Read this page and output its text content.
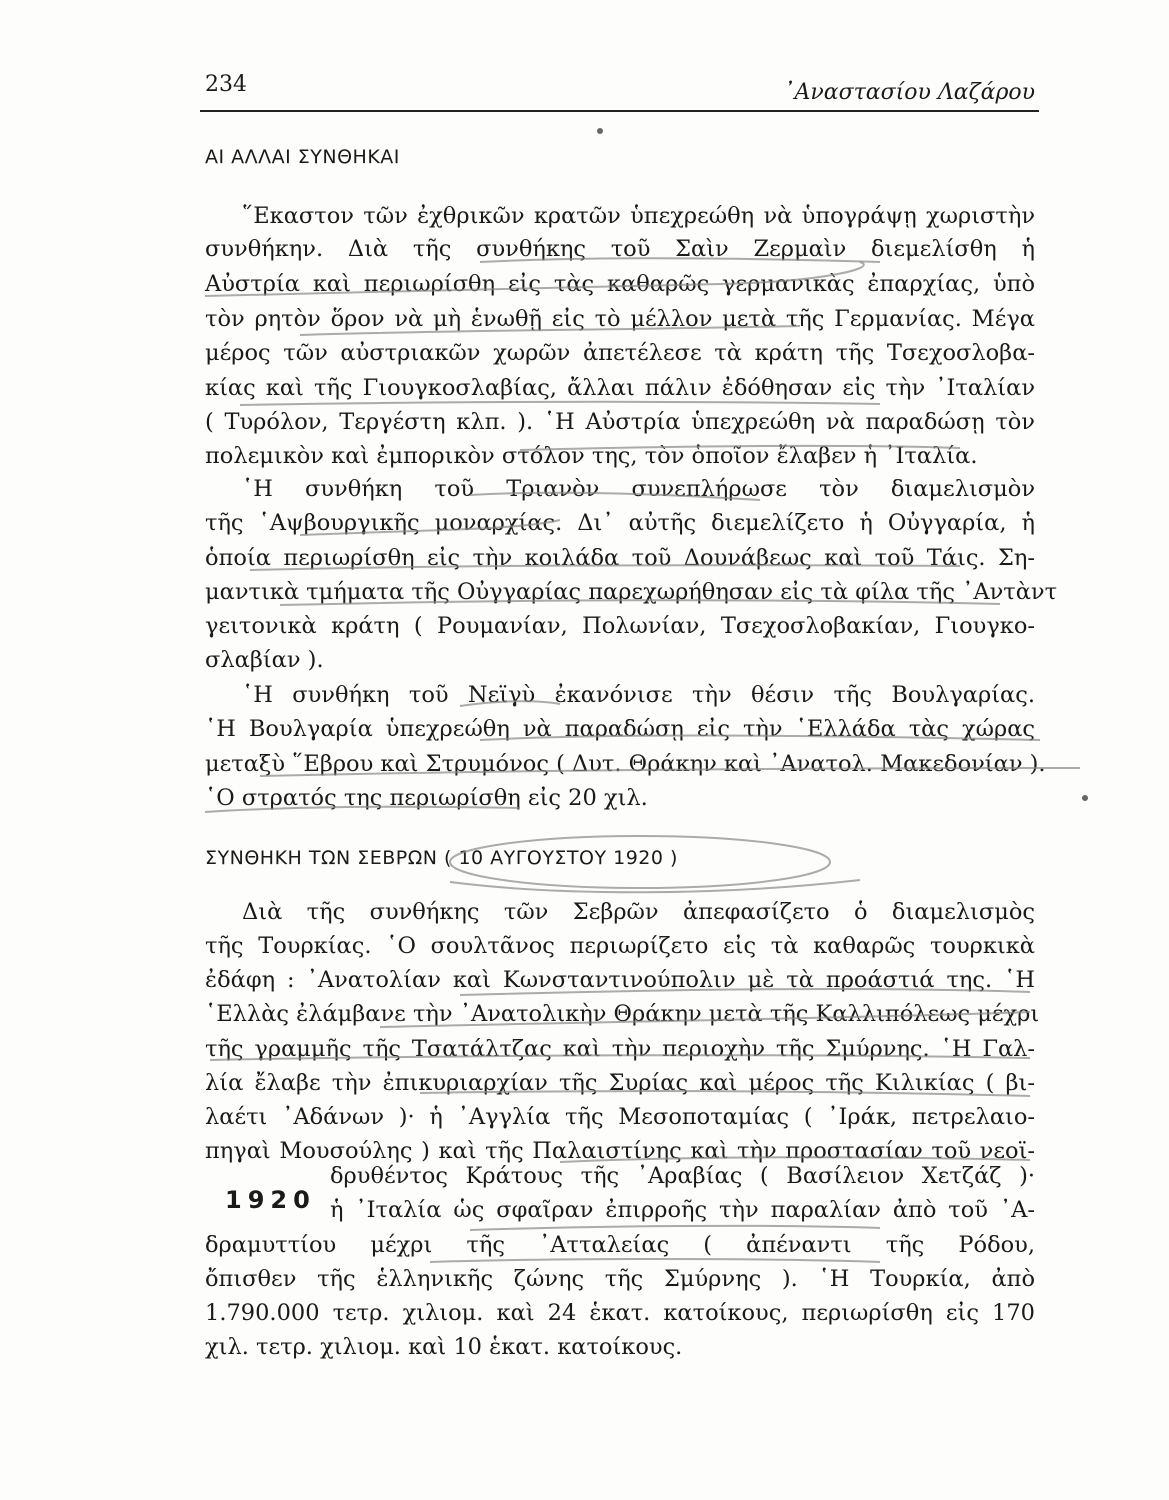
234	᾿Αναστασίου Λαζάρου
ΑΙ ΑΛΛΑΙ ΣΥΝΘΗΚΑΙ
῞Εκαστον τῶν ἐχθρικῶν κρατῶν ὑπεχρεώθη νὰ ὑπογράψῃ χωριστὴν
συνθήκην. Διὰ τῆς συνθήκης τοῦ Σαὶν Ζερμαὶν διεμελίσθη ἡ
Αὐστρία καὶ περιωρίσθη εἰς τὰς καθαρῶς γερμανικὰς ἐπαρχίας, ὑπὸ
τὸν ρητὸν ὅρον νὰ μὴ ἑνωθῇ εἰς τὸ μέλλον μετὰ τῆς Γερμανίας. Μέγα
μέρος τῶν αὐστριακῶν χωρῶν ἀπετέλεσε τὰ κράτη τῆς Τσεχοσλοβα-
κίας καὶ τῆς Γιουγκοσλαβίας, ἄλλαι πάλιν ἐδόθησαν εἰς τὴν ᾿Ιταλίαν
( Τυρόλον, Τεργέστη κλπ. ). ῾Η Αὐστρία ὑπεχρεώθη νὰ παραδώσῃ τὸν
πολεμικὸν καὶ ἐμπορικὸν στόλον της, τὸν ὁποῖον ἔλαβεν ἡ ᾿Ιταλία.
῾Η συνθήκη τοῦ Τριανὸν συνεπλήρωσε τὸν διαμελισμὸν
τῆς ῾Αψβουργικῆς μοναρχίας. Δι᾿ αὐτῆς διεμελίζετο ἡ Οὐγγαρία, ἡ
ὁποία περιωρίσθη εἰς τὴν κοιλάδα τοῦ Δουνάβεως καὶ τοῦ Τάις. Ση-
μαντικὰ τμήματα τῆς Οὐγγαρίας παρεχωρήθησαν εἰς τὰ φίλα τῆς ᾿Αντὰντ
γειτονικὰ κράτη ( Ρουμανίαν, Πολωνίαν, Τσεχοσλοβακίαν, Γιουγκο-
σλαβίαν ).
῾Η συνθήκη τοῦ Νεϊγὺ ἐκανόνισε τὴν θέσιν τῆς Βουλγαρίας.
῾Η Βουλγαρία ὑπεχρεώθη νὰ παραδώσῃ εἰς τὴν ῾Ελλάδα τὰς χώρας
μεταξὺ ῞Εβρου καὶ Στρυμόνος ( Δυτ. Θράκην καὶ ᾿Ανατολ. Μακεδονίαν ).
῾Ο στρατός της περιωρίσθη εἰς 20 χιλ.
ΣΥΝΘΗΚΗ ΤΩΝ ΣΕΒΡΩΝ ( 10 ΑΥΓΟΥΣΤΟΥ 1920 )
Διὰ τῆς συνθήκης τῶν Σεβρῶν ἀπεφασίζετο ὁ διαμελισμὸς
τῆς Τουρκίας. ῾Ο σουλτᾶνος περιωρίζετο εἰς τὰ καθαρῶς τουρκικὰ
ἐδάφη : ᾿Ανατολίαν καὶ Κωνσταντινούπολιν μὲ τὰ προάστιά της. ῾Η
῾Ελλὰς ἐλάμβανε τὴν ᾿Ανατολικὴν Θράκην μετὰ τῆς Καλλιπόλεως μέχρι
τῆς γραμμῆς τῆς Τσατάλτζας καὶ τὴν περιοχὴν τῆς Σμύρνης. ῾Η Γαλ-
λία ἔλαβε τὴν ἐπικυριαρχίαν τῆς Συρίας καὶ μέρος τῆς Κιλικίας ( βι-
λαέτι ᾿Αδάνων )· ἡ ᾿Αγγλία τῆς Μεσοποταμίας ( ᾿Ιράκ, πετρελαιο-
πηγαὶ Μουσούλης ) καὶ τῆς Παλαιστίνης καὶ τὴν προστασίαν τοῦ νεοϊ-
δρυθέντος Κράτους τῆς ᾿Αραβίας ( Βασίλειον Χετζάζ )·
1920 ἡ ᾿Ιταλία ὡς σφαῖραν ἐπιρροῆς τὴν παραλίαν ἀπὸ τοῦ ᾿Α-
δραμυττίου μέχρι τῆς ᾿Ατταλείας ( ἀπέναντι τῆς Ρόδου,
ὄπισθεν τῆς ἑλληνικῆς ζώνης τῆς Σμύρνης ). ῾Η Τουρκία, ἀπὸ
1.790.000 τετρ. χιλιομ. καὶ 24 ἑκατ. κατοίκους, περιωρίσθη εἰς 170
χιλ. τετρ. χιλιομ. καὶ 10 ἑκατ. κατοίκους.
